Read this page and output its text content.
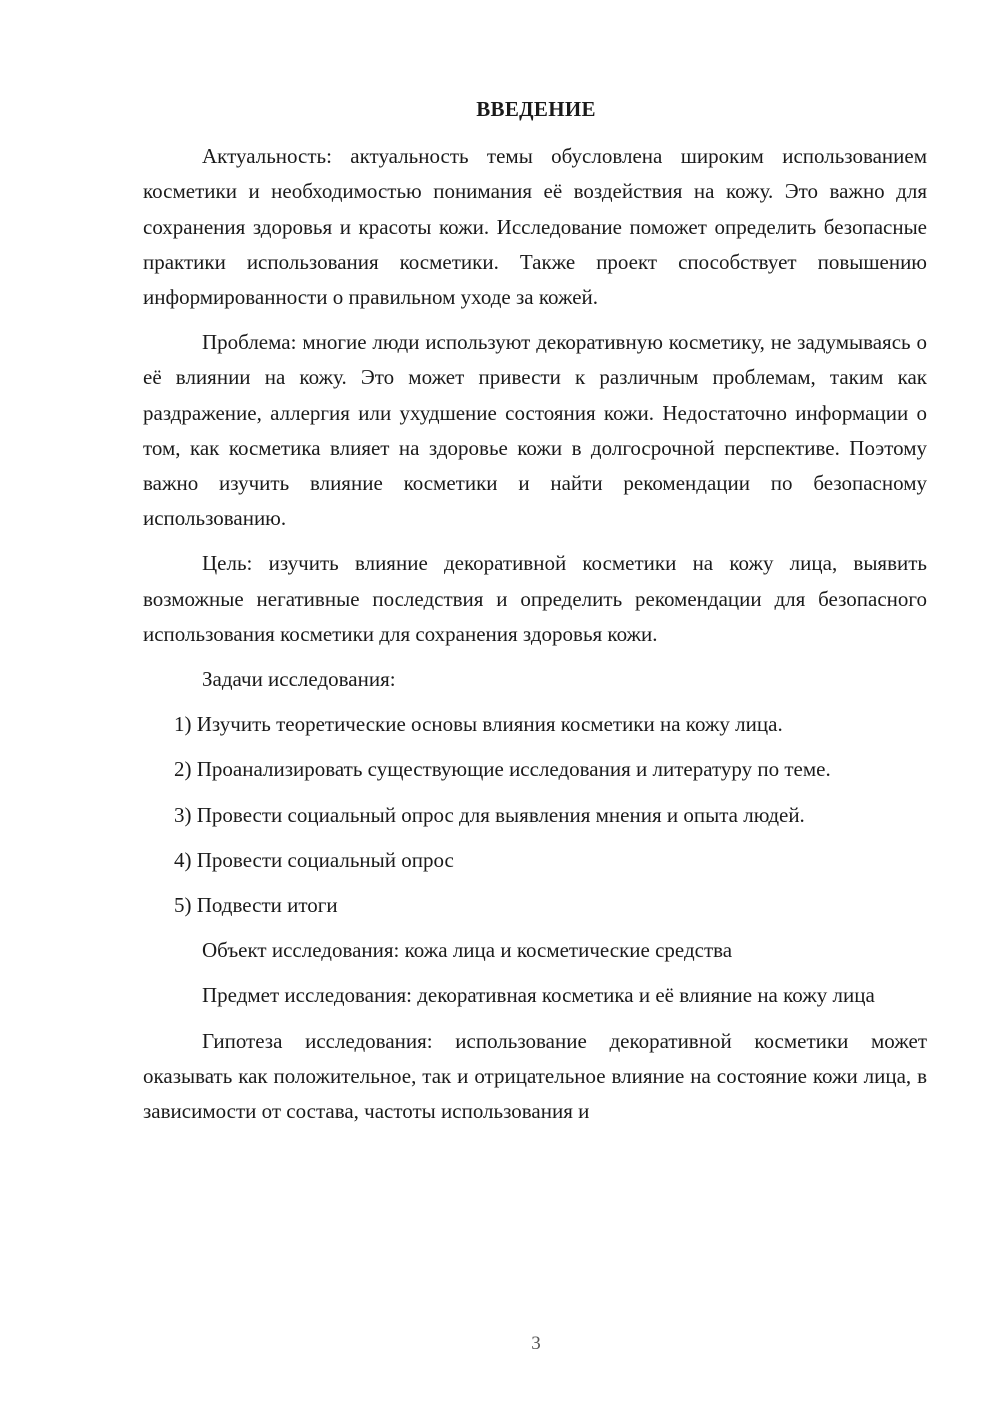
ВВЕДЕНИЕ

Актуальность: актуальность темы обусловлена широким использованием косметики и необходимостью понимания её воздействия на кожу. Это важно для сохранения здоровья и красоты кожи. Исследование поможет определить безопасные практики использования косметики. Также проект способствует повышению информированности о правильном уходе за кожей.

Проблема: многие люди используют декоративную косметику, не задумываясь о её влиянии на кожу. Это может привести к различным проблемам, таким как раздражение, аллергия или ухудшение состояния кожи. Недостаточно информации о том, как косметика влияет на здоровье кожи в долгосрочной перспективе. Поэтому важно изучить влияние косметики и найти рекомендации по безопасному использованию.

Цель: изучить влияние декоративной косметики на кожу лица, выявить возможные негативные последствия и определить рекомендации для безопасного использования косметики для сохранения здоровья кожи.

Задачи исследования:

1) Изучить теоретические основы влияния косметики на кожу лица.

2) Проанализировать существующие исследования и литературу по теме.

3) Провести социальный опрос для выявления мнения и опыта людей.

4) Провести социальный опрос

5) Подвести итоги

Объект исследования: кожа лица и косметические средства

Предмет исследования: декоративная косметика и её влияние на кожу лица

Гипотеза исследования: использование декоративной косметики может оказывать как положительное, так и отрицательное влияние на состояние кожи лица, в зависимости от состава, частоты использования и

3
